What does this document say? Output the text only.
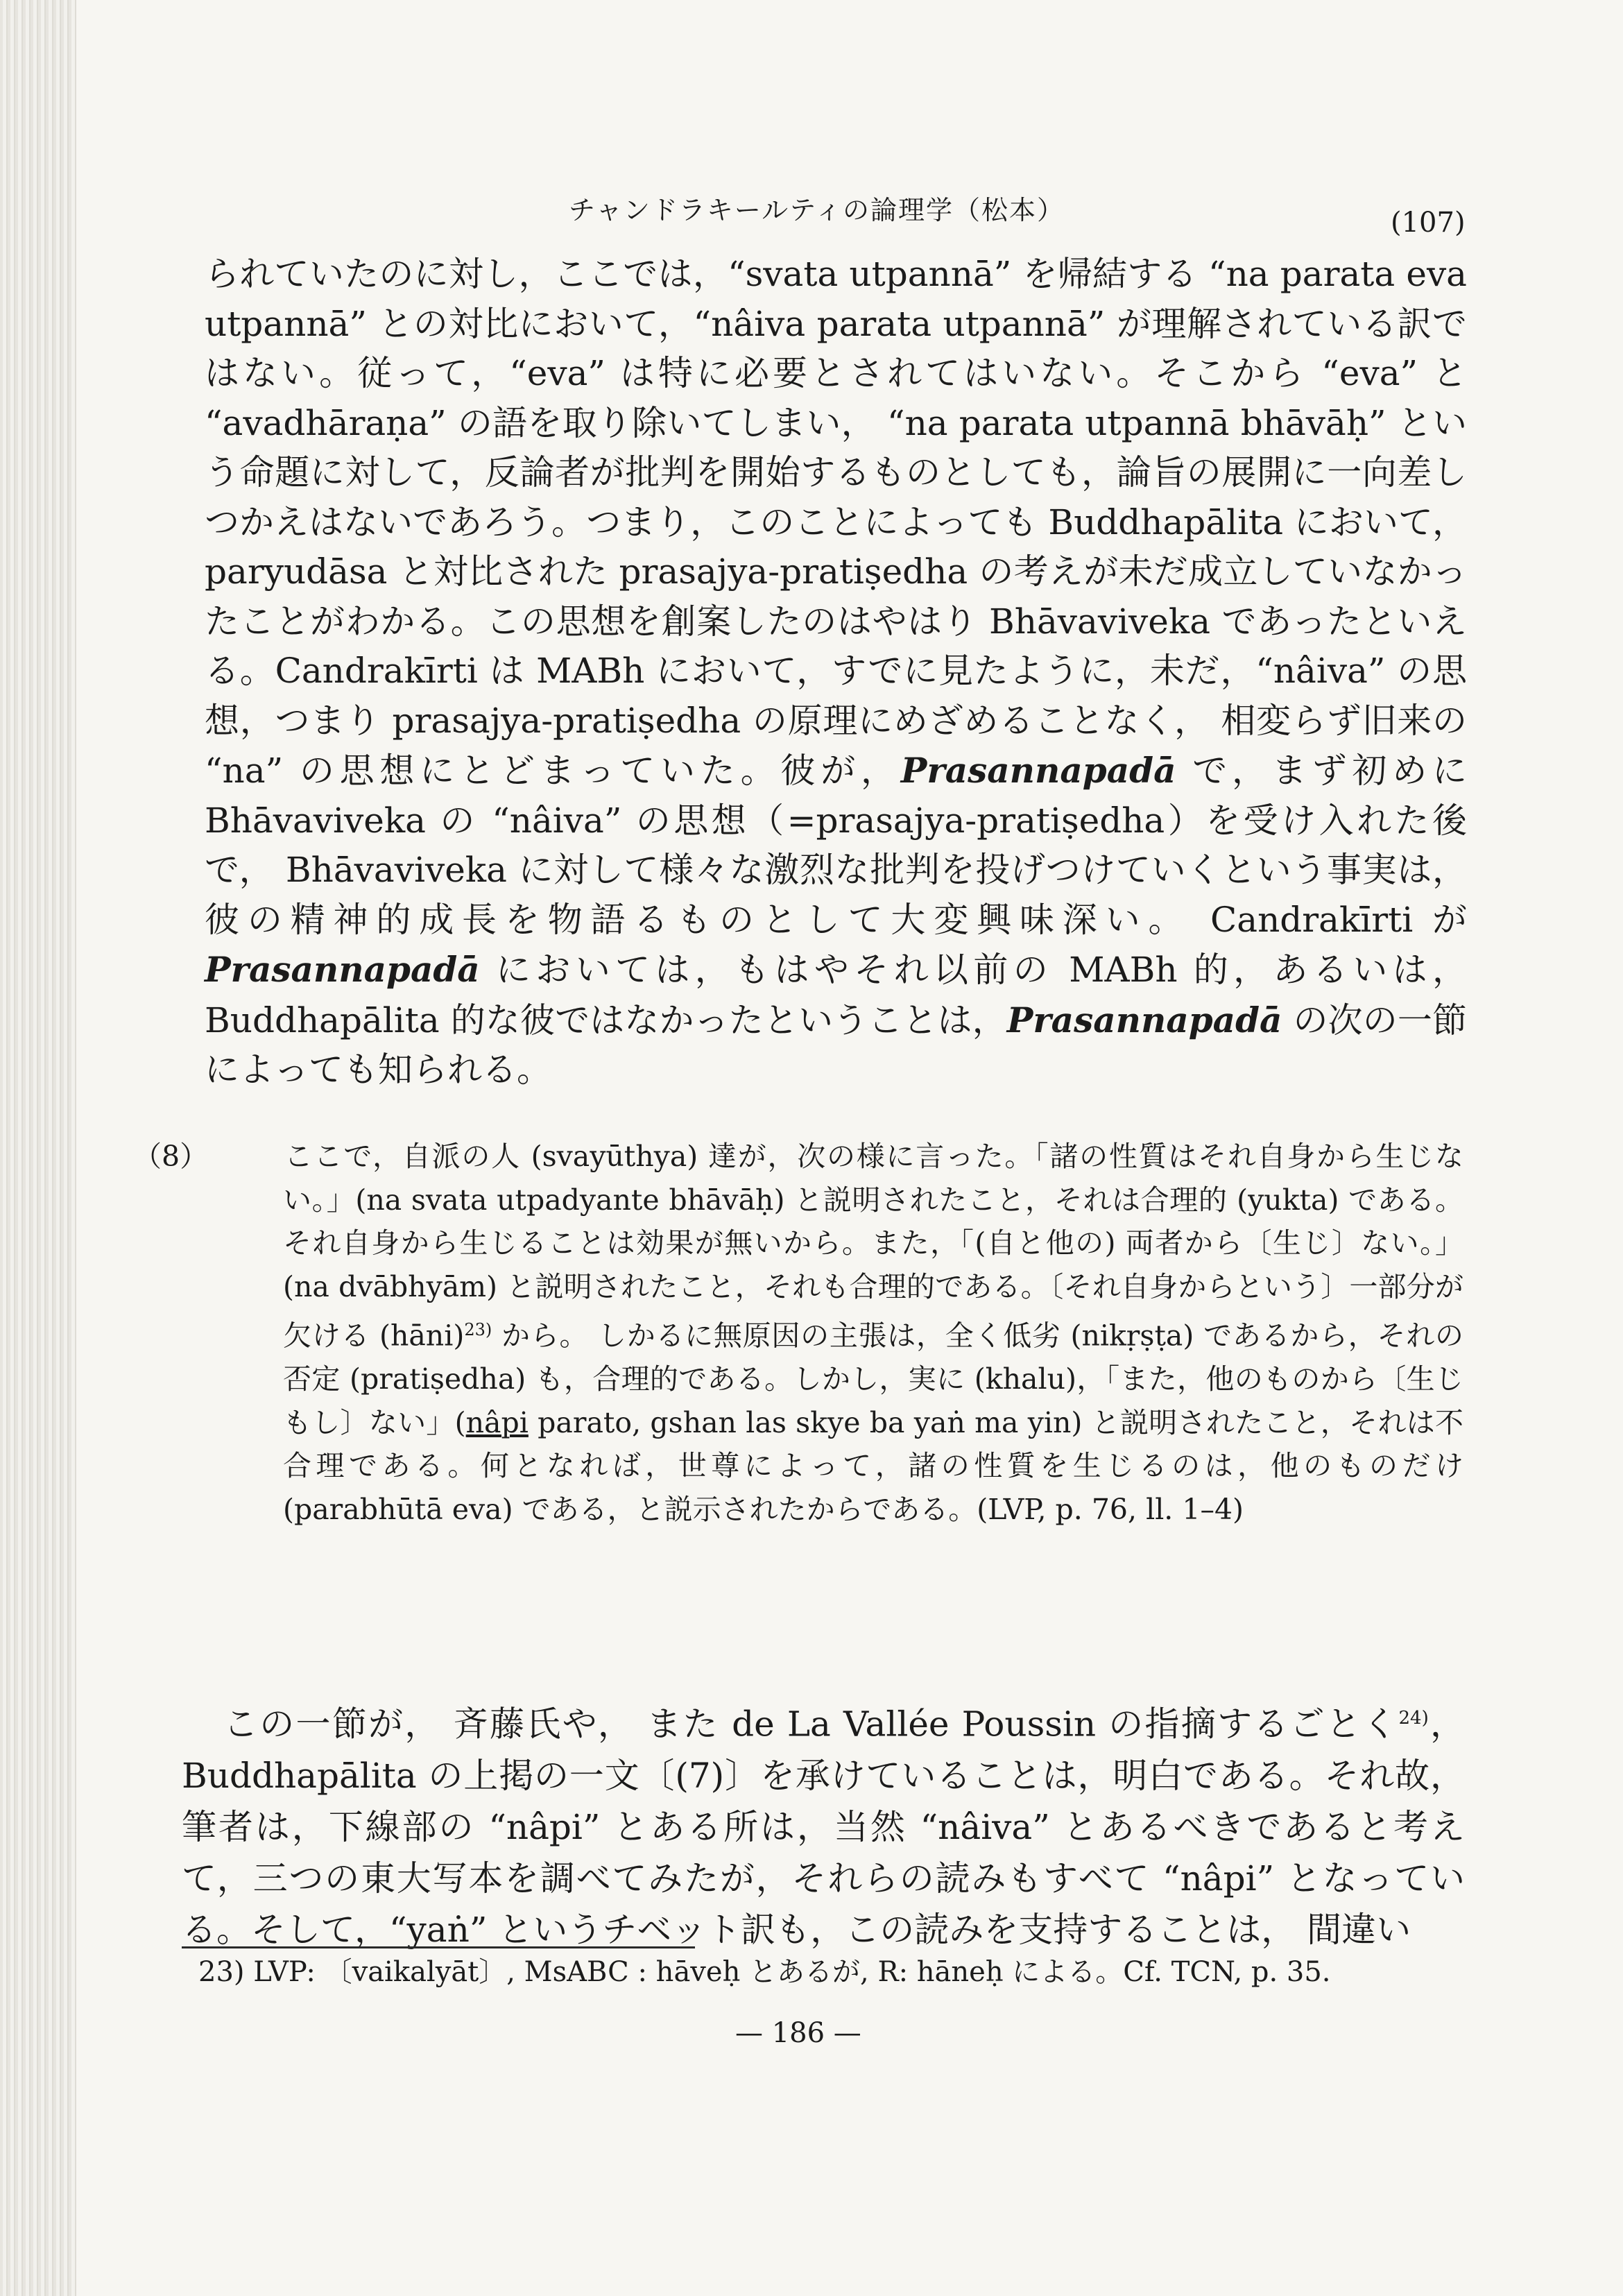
チャンドラキールティの論理学（松本）	(107)

られていたのに対し，ここでは，“svata utpannā” を帰結する “na parata eva utpannā” との対比において，“nâiva parata utpannā” が理解されている訳ではない。従って，“eva” は特に必要とされてはいない。そこから “eva” と “avadhāraṇa” の語を取り除いてしまい， “na parata utpannā bhāvāḥ” という命題に対して，反論者が批判を開始するものとしても，論旨の展開に一向差しつかえはないであろう。つまり，このことによっても Buddhapālita において，paryudāsa と対比された prasajya-pratiṣedha の考えが未だ成立していなかったことがわかる。この思想を創案したのはやはり Bhāvaviveka であったといえる。Candrakīrti は MABh において，すでに見たように，未だ，“nâiva” の思想，つまり prasajya-pratiṣedha の原理にめざめることなく， 相変らず旧来の “na” の思想にとどまっていた。彼が，Prasannapadā で，まず初めに Bhāvaviveka の “nâiva” の思想（=prasajya-pratiṣedha）を受け入れた後で， Bhāvaviveka に対して様々な激烈な批判を投げつけていくという事実は，彼の精神的成長を物語るものとして大変興味深い。 Candrakīrti が Prasannapadā においては，もはやそれ以前の MABh 的，あるいは，Buddhapālita 的な彼ではなかったということは，Prasannapadā の次の一節によっても知られる。

（8）	ここで，自派の人 (svayūthya) 達が，次の様に言った。「諸の性質はそれ自身から生じない。」(na svata utpadyante bhāvāḥ) と説明されたこと，それは合理的 (yukta) である。それ自身から生じることは効果が無いから。また，「(自と他の) 両者から〔生じ〕ない。」(na dvābhyām) と説明されたこと，それも合理的である。〔それ自身からという〕一部分が欠ける (hāni)$^{23)}$ から。 しかるに無原因の主張は，全く低劣 (nikṛṣṭa) であるから，それの否定 (pratiṣedha) も，合理的である。しかし，実に (khalu)，「また，他のものから〔生じもし〕ない」(nâpi parato, gshan las skye ba yaṅ ma yin) と説明されたこと，それは不合理である。何となれば，世尊によって，諸の性質を生じるのは，他のものだけ (parabhūtā eva) である，と説示されたからである。(LVP, p. 76, ll. 1–4)

この一節が， 斉藤氏や， また de La Vallée Poussin の指摘するごとく$^{24)}$，Buddhapālita の上掲の一文〔(7)〕を承けていることは，明白である。それ故，筆者は，下線部の “nâpi” とある所は，当然 “nâiva” とあるべきであると考えて，三つの東大写本を調べてみたが，それらの読みもすべて “nâpi” となっている。そして，“yaṅ” というチベット訳も，この読みを支持することは， 間違い

23) LVP: 〔vaikalyāt〕, MsABC : hāveḥ とあるが, R: hāneḥ による。Cf. TCN, p. 35.
— 186 —
